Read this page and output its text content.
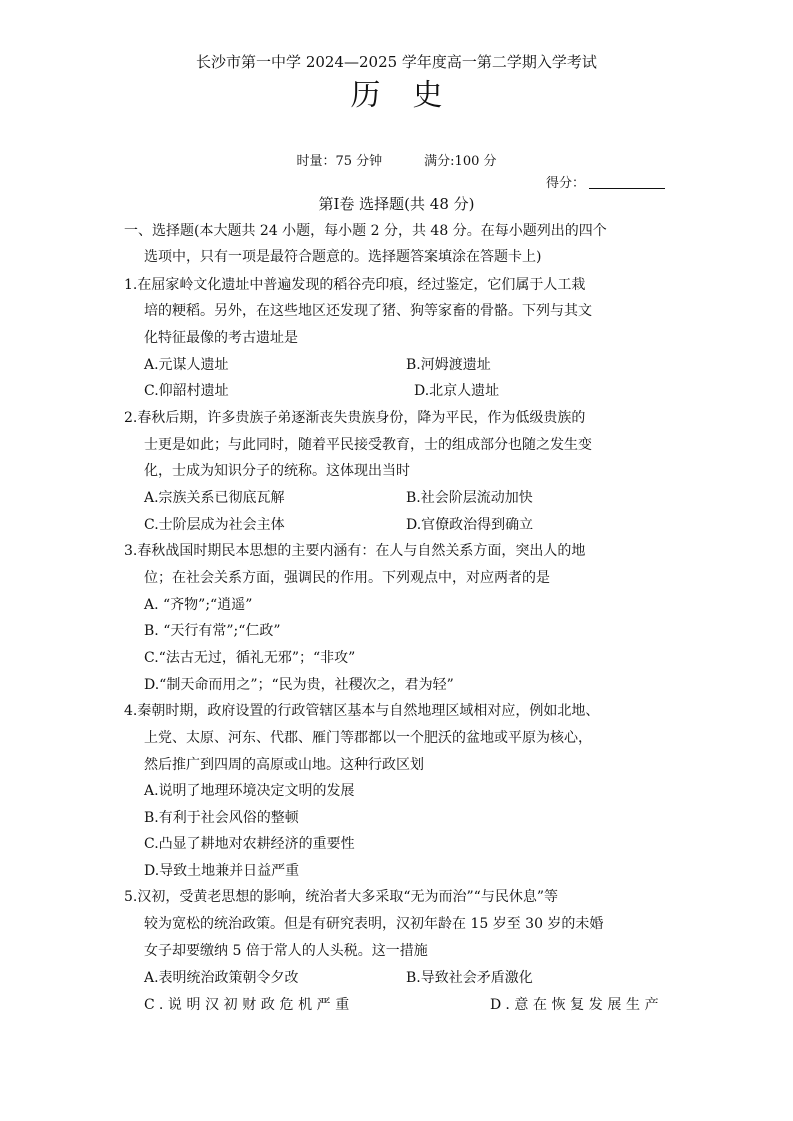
长沙市第一中学 2024—2025 学年度高一第二学期入学考试
历史
时量：75 分钟	满分:100 分
得分：
第Ⅰ卷 选择题(共 48 分)
一、选择题(本大题共 24 小题，每小题 2 分，共 48 分。在每小题列出的四个
选项中，只有一项是最符合题意的。选择题答案填涂在答题卡上)
1.在屈家岭文化遗址中普遍发现的稻谷壳印痕，经过鉴定，它们属于人工栽
培的粳稻。另外，在这些地区还发现了猪、狗等家畜的骨骼。下列与其文
化特征最像的考古遗址是
A.元谋人遗址	B.河姆渡遗址
C.仰韶村遗址	D.北京人遗址
2.春秋后期，许多贵族子弟逐渐丧失贵族身份，降为平民，作为低级贵族的
士更是如此；与此同时，随着平民接受教育，士的组成部分也随之发生变
化，士成为知识分子的统称。这体现出当时
A.宗族关系已彻底瓦解	B.社会阶层流动加快
C.士阶层成为社会主体	D.官僚政治得到确立
3.春秋战国时期民本思想的主要内涵有：在人与自然关系方面，突出人的地
位；在社会关系方面，强调民的作用。下列观点中，对应两者的是
A. “齐物”;“逍遥”
B. “天行有常”;“仁政”
C.“法古无过，循礼无邪”；“非攻”
D.“制天命而用之”；“民为贵，社稷次之，君为轻”
4.秦朝时期，政府设置的行政管辖区基本与自然地理区域相对应，例如北地、
上党、太原、河东、代郡、雁门等郡都以一个肥沃的盆地或平原为核心，
然后推广到四周的高原或山地。这种行政区划
A.说明了地理环境决定文明的发展
B.有利于社会风俗的整顿
C.凸显了耕地对农耕经济的重要性
D.导致土地兼并日益严重
5.汉初，受黄老思想的影响，统治者大多采取“无为而治”“与民休息”等
较为宽松的统治政策。但是有研究表明，汉初年龄在 15 岁至 30 岁的未婚
女子却要缴纳 5 倍于常人的人头税。这一措施
A.表明统治政策朝令夕改	B.导致社会矛盾激化
C.说明汉初财政危机严重	D.意在恢复发展生产
